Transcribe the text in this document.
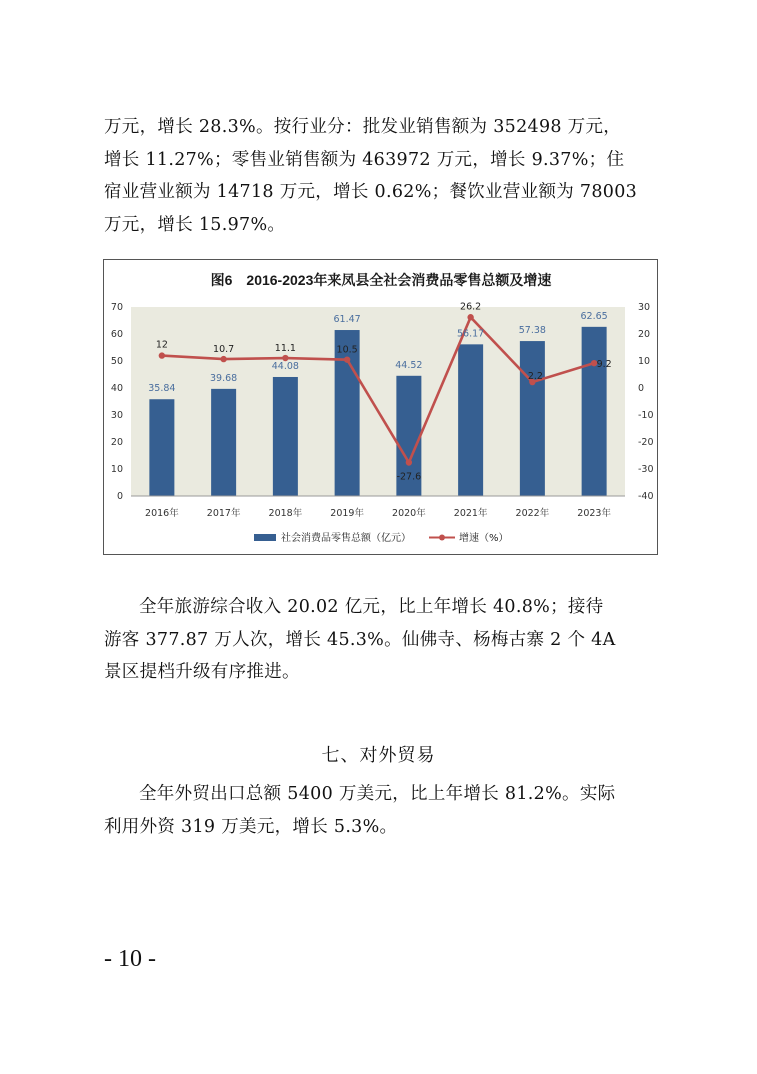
万元，增长 28.3%。按行业分：批发业销售额为 352498 万元，

增长 11.27%；零售业销售额为 463972 万元，增长 9.37%；住

宿业营业额为 14718 万元，增长 0.62%；餐饮业营业额为 78003

万元，增长 15.97%。

图6　2016-2023年来凤县全社会消费品零售总额及增速
35.84
39.68
44.08
61.47
44.52
56.17	57.38
62.65
12	10.7	11.1	10.5
-27.6
26.2
2.2
9.2
0
10
20
30
40
50
60
70
-40
-30
-20
-10
0
10
20
30
2016年	2017年	2018年	2019年	2020年	2021年	2022年	2023年
社会消费品零售总额（亿元）	增速（%）

全年旅游综合收入 20.02 亿元，比上年增长 40.8%；接待

游客 377.87 万人次，增长 45.3%。仙佛寺、杨梅古寨 2 个 4A

景区提档升级有序推进。

七、对外贸易

全年外贸出口总额 5400 万美元，比上年增长 81.2%。实际

利用外资 319 万美元，增长 5.3%。

- 10 -
